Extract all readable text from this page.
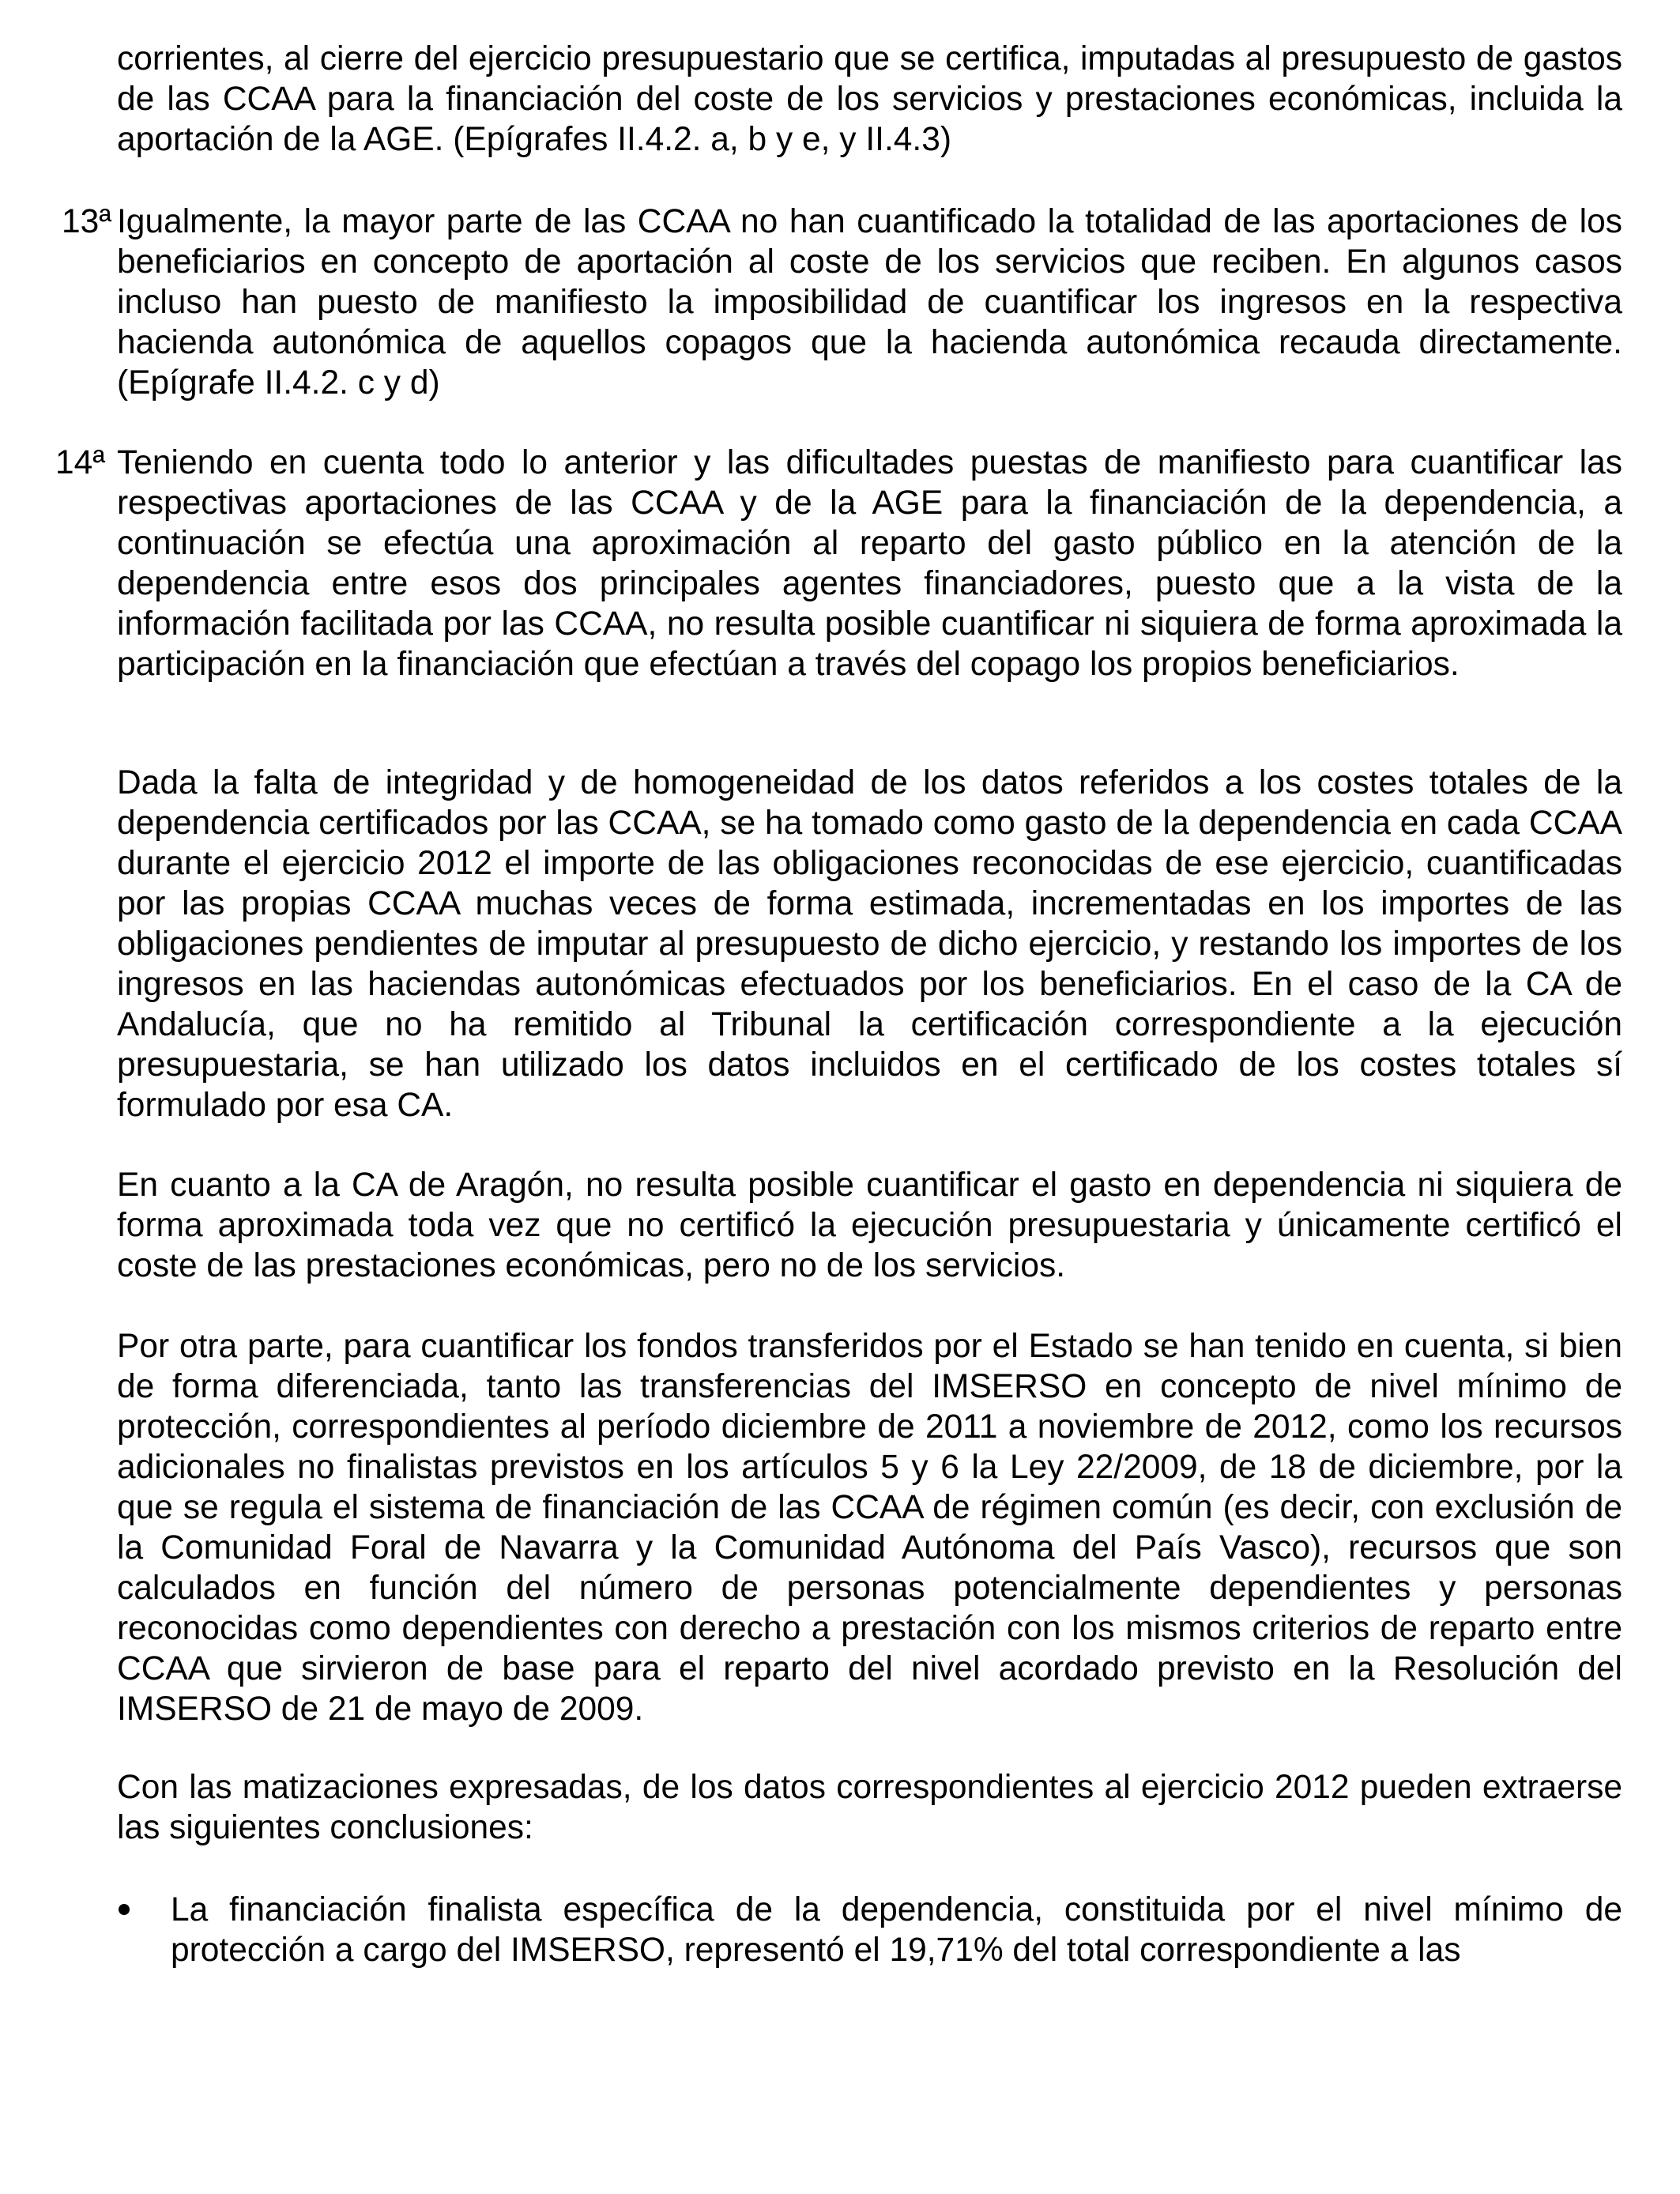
corrientes, al cierre del ejercicio presupuestario que se certifica, imputadas al presupuesto de gastos de las CCAA para la financiación del coste de los servicios y prestaciones económicas, incluida la aportación de la AGE. (Epígrafes II.4.2. a, b y e, y II.4.3)
13ª Igualmente, la mayor parte de las CCAA no han cuantificado la totalidad de las aportaciones de los beneficiarios en concepto de aportación al coste de los servicios que reciben. En algunos casos incluso han puesto de manifiesto la imposibilidad de cuantificar los ingresos en la respectiva hacienda autonómica de aquellos copagos que la hacienda autonómica recauda directamente. (Epígrafe II.4.2. c y d)
14ª Teniendo en cuenta todo lo anterior y las dificultades puestas de manifiesto para cuantificar las respectivas aportaciones de las CCAA y de la AGE para la financiación de la dependencia, a continuación se efectúa una aproximación al reparto del gasto público en la atención de la dependencia entre esos dos principales agentes financiadores, puesto que a la vista de la información facilitada por las CCAA, no resulta posible cuantificar ni siquiera de forma aproximada la participación en la financiación que efectúan a través del copago los propios beneficiarios.
Dada la falta de integridad y de homogeneidad de los datos referidos a los costes totales de la dependencia certificados por las CCAA, se ha tomado como gasto de la dependencia en cada CCAA durante el ejercicio 2012 el importe de las obligaciones reconocidas de ese ejercicio, cuantificadas por las propias CCAA muchas veces de forma estimada, incrementadas en los importes de las obligaciones pendientes de imputar al presupuesto de dicho ejercicio, y restando los importes de los ingresos en las haciendas autonómicas efectuados por los beneficiarios. En el caso de la CA de Andalucía, que no ha remitido al Tribunal la certificación correspondiente a la ejecución presupuestaria, se han utilizado los datos incluidos en el certificado de los costes totales sí formulado por esa CA.
En cuanto a la CA de Aragón, no resulta posible cuantificar el gasto en dependencia ni siquiera de forma aproximada toda vez que no certificó la ejecución presupuestaria y únicamente certificó el coste de las prestaciones económicas, pero no de los servicios.
Por otra parte, para cuantificar los fondos transferidos por el Estado se han tenido en cuenta, si bien de forma diferenciada, tanto las transferencias del IMSERSO en concepto de nivel mínimo de protección, correspondientes al período diciembre de 2011 a noviembre de 2012, como los recursos adicionales no finalistas previstos en los artículos 5 y 6 la Ley 22/2009, de 18 de diciembre, por la que se regula el sistema de financiación de las CCAA de régimen común (es decir, con exclusión de la Comunidad Foral de Navarra y la Comunidad Autónoma del País Vasco), recursos que son calculados en función del número de personas potencialmente dependientes y personas reconocidas como dependientes con derecho a prestación con los mismos criterios de reparto entre CCAA que sirvieron de base para el reparto del nivel acordado previsto en la Resolución del IMSERSO de 21 de mayo de 2009.
Con las matizaciones expresadas, de los datos correspondientes al ejercicio 2012 pueden extraerse las siguientes conclusiones:
La financiación finalista específica de la dependencia, constituida por el nivel mínimo de protección a cargo del IMSERSO, representó el 19,71% del total correspondiente a las
